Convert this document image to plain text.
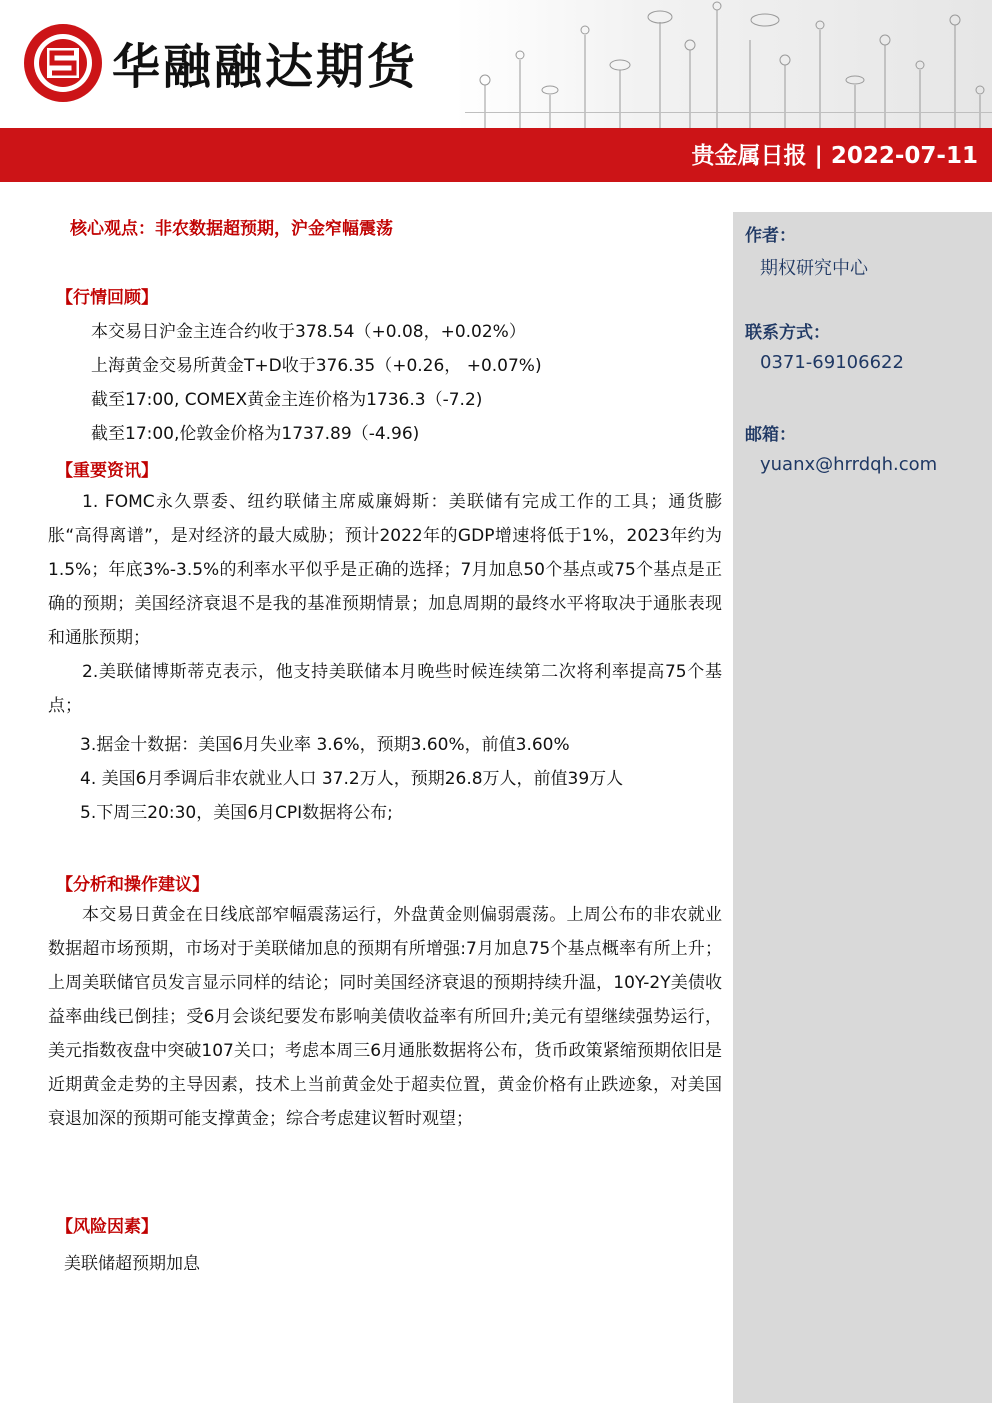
华融融达期货
贵金属日报 | 2022-07-11
作者：
期权研究中心
联系方式：
0371-69106622
邮箱：
yuanx@hrrdqh.com
核心观点：非农数据超预期，沪金窄幅震荡
【行情回顾】
本交易日沪金主连合约收于378.54（+0.08，+0.02%）
上海黄金交易所黄金T+D收于376.35（+0.26， +0.07%)
截至17:00, COMEX黄金主连价格为1736.3（-7.2)
截至17:00,伦敦金价格为1737.89（-4.96)
【重要资讯】
1. FOMC永久票委、纽约联储主席威廉姆斯：美联储有完成工作的工具；通货膨胀“高得离谱”，是对经济的最大威胁；预计2022年的GDP增速将低于1%，2023年约为1.5%；年底3%-3.5%的利率水平似乎是正确的选择；7月加息50个基点或75个基点是正确的预期；美国经济衰退不是我的基准预期情景；加息周期的最终水平将取决于通胀表现和通胀预期；
2.美联储博斯蒂克表示，他支持美联储本月晚些时候连续第二次将利率提高75个基点；
3.据金十数据：美国6月失业率 3.6%，预期3.60%，前值3.60%
4. 美国6月季调后非农就业人口 37.2万人，预期26.8万人，前值39万人
5.下周三20:30，美国6月CPI数据将公布;
【分析和操作建议】
本交易日黄金在日线底部窄幅震荡运行，外盘黄金则偏弱震荡。上周公布的非农就业数据超市场预期，市场对于美联储加息的预期有所增强:7月加息75个基点概率有所上升；上周美联储官员发言显示同样的结论；同时美国经济衰退的预期持续升温，10Y-2Y美债收益率曲线已倒挂；受6月会谈纪要发布影响美债收益率有所回升;美元有望继续强势运行，美元指数夜盘中突破107关口；考虑本周三6月通胀数据将公布，货币政策紧缩预期依旧是近期黄金走势的主导因素，技术上当前黄金处于超卖位置，黄金价格有止跌迹象，对美国衰退加深的预期可能支撑黄金；综合考虑建议暂时观望；
【风险因素】
美联储超预期加息
